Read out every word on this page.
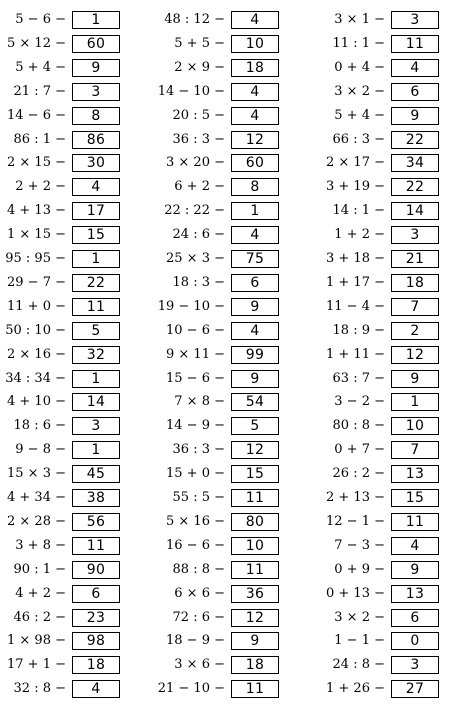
5 − 6 −	1
5 × 12 −	60
5 + 4 −	9
21 : 7 −	3
14 − 6 −	8
86 : 1 −	86
2 × 15 −	30
2 + 2 −	4
4 + 13 −	17
1 × 15 −	15
95 : 95 −	1
29 − 7 −	22
11 + 0 −	11
50 : 10 −	5
2 × 16 −	32
34 : 34 −	1
4 + 10 −	14
18 : 6 −	3
9 − 8 −	1
15 × 3 −	45
4 + 34 −	38
2 × 28 −	56
3 + 8 −	11
90 : 1 −	90
4 + 2 −	6
46 : 2 −	23
1 × 98 −	98
17 + 1 −	18
32 : 8 −	4
48 : 12 −	4
5 + 5 −	10
2 × 9 −	18
14 − 10 −	4
20 : 5 −	4
36 : 3 −	12
3 × 20 −	60
6 + 2 −	8
22 : 22 −	1
24 : 6 −	4
25 × 3 −	75
18 : 3 −	6
19 − 10 −	9
10 − 6 −	4
9 × 11 −	99
15 − 6 −	9
7 × 8 −	54
14 − 9 −	5
36 : 3 −	12
15 + 0 −	15
55 : 5 −	11
5 × 16 −	80
16 − 6 −	10
88 : 8 −	11
6 × 6 −	36
72 : 6 −	12
18 − 9 −	9
3 × 6 −	18
21 − 10 −	11
3 × 1 −	3
11 : 1 −	11
0 + 4 −	4
3 × 2 −	6
5 + 4 −	9
66 : 3 −	22
2 × 17 −	34
3 + 19 −	22
14 : 1 −	14
1 + 2 −	3
3 + 18 −	21
1 + 17 −	18
11 − 4 −	7
18 : 9 −	2
1 + 11 −	12
63 : 7 −	9
3 − 2 −	1
80 : 8 −	10
0 + 7 −	7
26 : 2 −	13
2 + 13 −	15
12 − 1 −	11
7 − 3 −	4
0 + 9 −	9
0 + 13 −	13
3 × 2 −	6
1 − 1 −	0
24 : 8 −	3
1 + 26 −	27
